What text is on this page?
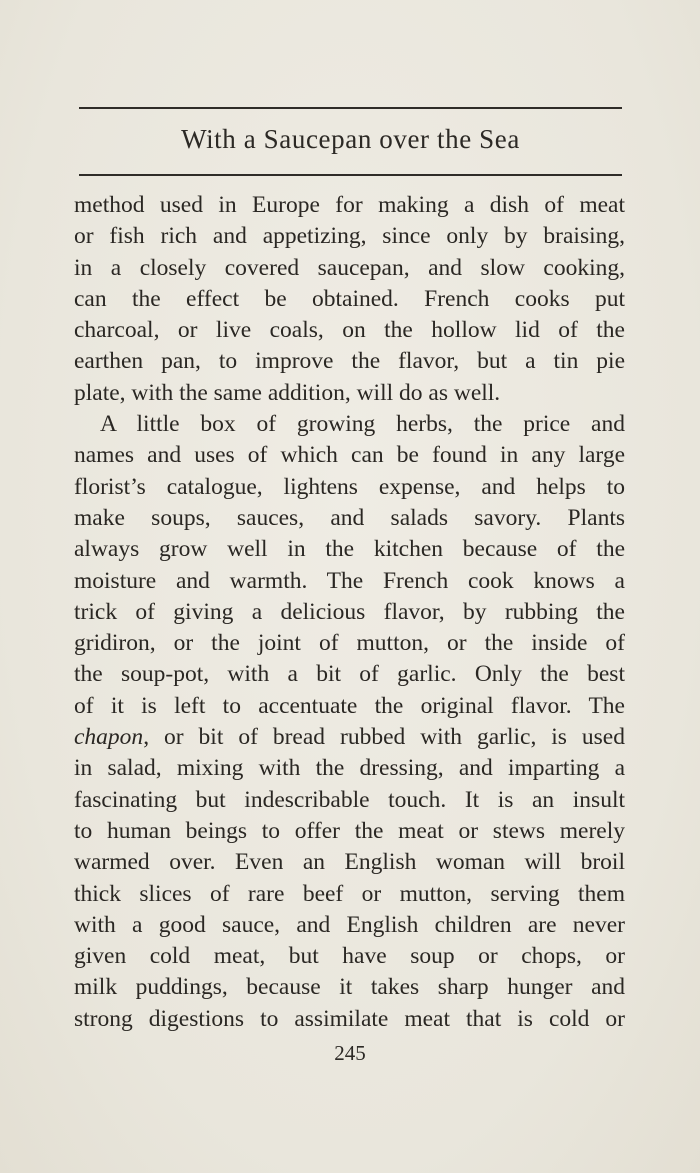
With a Saucepan over the Sea
method used in Europe for making a dish of meat
or fish rich and appetizing, since only by braising,
in a closely covered saucepan, and slow cooking,
can the effect be obtained. French cooks put
charcoal, or live coals, on the hollow lid of the
earthen pan, to improve the flavor, but a tin pie
plate, with the same addition, will do as well.
A little box of growing herbs, the price and
names and uses of which can be found in any large
florist’s catalogue, lightens expense, and helps to
make soups, sauces, and salads savory. Plants
always grow well in the kitchen because of the
moisture and warmth. The French cook knows a
trick of giving a delicious flavor, by rubbing the
gridiron, or the joint of mutton, or the inside of
the soup-pot, with a bit of garlic. Only the best
of it is left to accentuate the original flavor. The
chapon, or bit of bread rubbed with garlic, is used
in salad, mixing with the dressing, and imparting a
fascinating but indescribable touch. It is an insult
to human beings to offer the meat or stews merely
warmed over. Even an English woman will broil
thick slices of rare beef or mutton, serving them
with a good sauce, and English children are never
given cold meat, but have soup or chops, or
milk puddings, because it takes sharp hunger and
strong digestions to assimilate meat that is cold or
245
